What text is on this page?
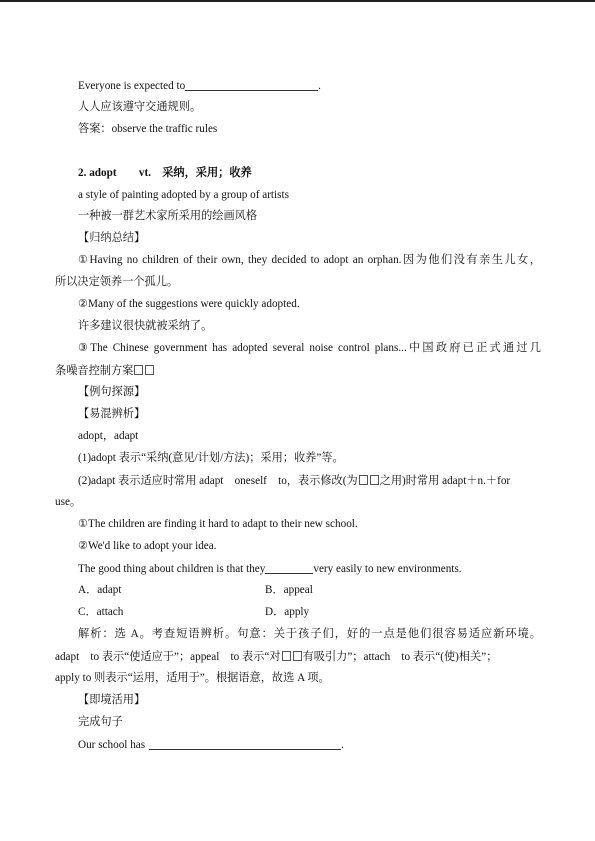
Everyone is expected to	.
人人应该遵守交通规则。
答案：observe the traffic rules
2. adopt　　vt.　采纳，采用；收养
a style of painting adopted by a group of artists
一种被一群艺术家所采用的绘画风格
【归纳总结】
①Having no children of their own, they decided to adopt an orphan.因为他们没有亲生儿女，
所以决定领养一个孤儿。
②Many of the suggestions were quickly adopted.
许多建议很快就被采纳了。
③The Chinese government has adopted several noise control plans...中国政府已正式通过几
条噪音控制方案
【例句探源】
【易混辨析】
adopt，adapt
(1)adopt 表示“采纳(意见/计划/方法)；采用；收养”等。
(2)adapt 表示适应时常用 adapt　oneself　to，表示修改(为 之用)时常用 adapt＋n.＋for
use。
①The children are finding it hard to adapt to their new school.
②We'd like to adopt your idea.
The good thing about children is that they	very easily to new environments.
A．adapt	B．appeal
C．attach	D．apply
解析：选 A。考查短语辨析。句意：关于孩子们，好的一点是他们很容易适应新环境。
adapt　to 表示“使适应于”；appeal　to 表示“对 有吸引力”；attach　to 表示“(使)相关”；
apply to 则表示“运用，适用于”。根据语意，故选 A 项。
【即境活用】
完成句子
Our school has	.
